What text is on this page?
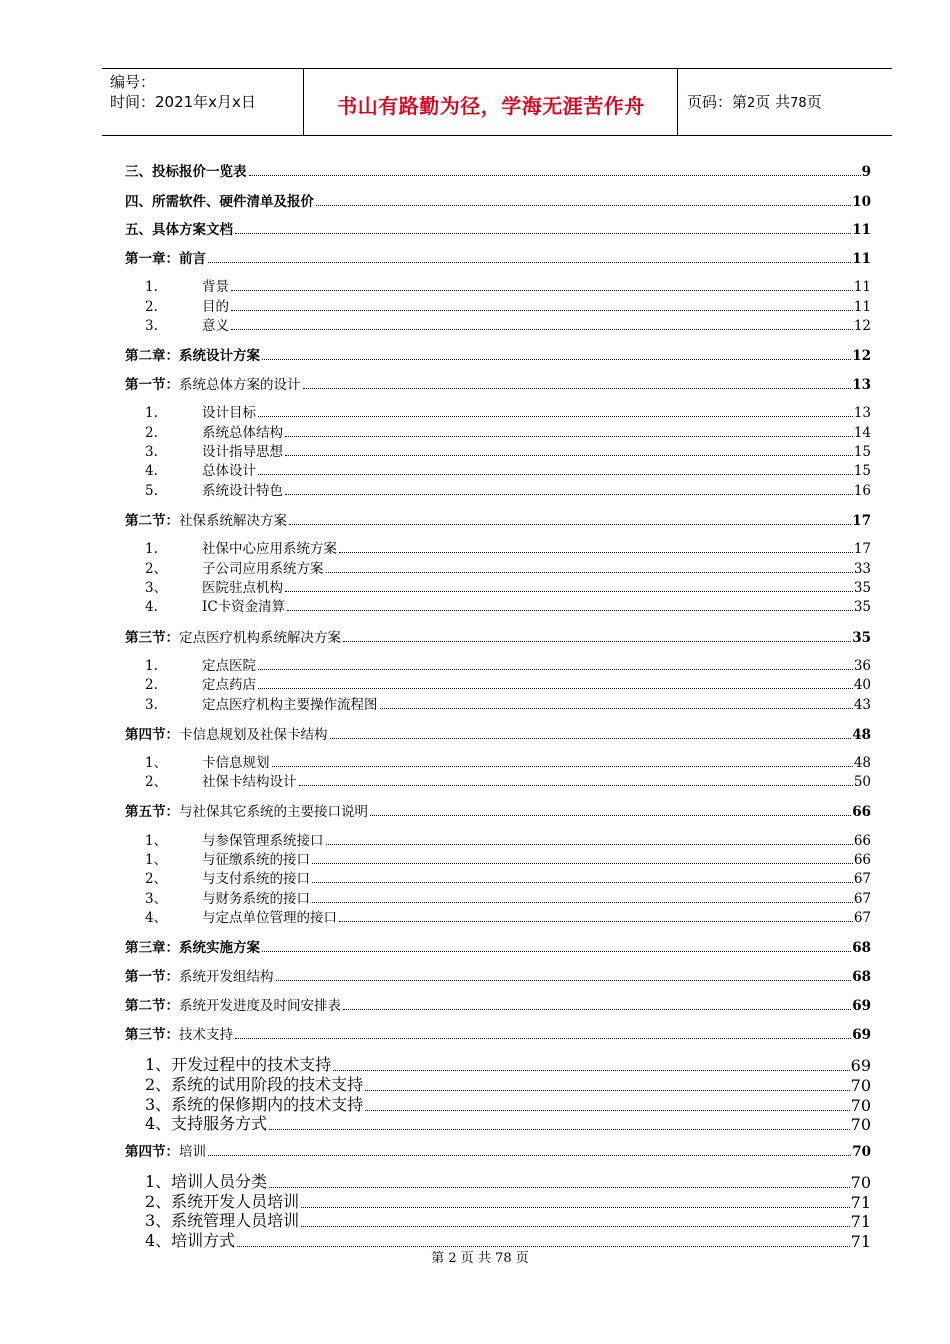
编号：
时间：2021年x月x日	书山有路勤为径，学海无涯苦作舟	页码：第2页 共78页
三、投标报价一览表	9
四、所需软件、硬件清单及报价	10
五、具体方案文档	11
第一章：前言	11
1.	背景	11
2.	目的	11
3.	意义	12
第二章：系统设计方案	12
第一节： 系统总体方案的设计	13
1.	设计目标	13
2.	系统总体结构	14
3.	设计指导思想	15
4.	总体设计	15
5.	系统设计特色	16
第二节： 社保系统解决方案	17
1.	社保中心应用系统方案	17
2、	子公司应用系统方案	33
3、	医院驻点机构	35
4.	IC卡资金清算	35
第三节： 定点医疗机构系统解决方案	35
1.	定点医院	36
2.	定点药店	40
3.	定点医疗机构主要操作流程图	43
第四节： 卡信息规划及社保卡结构	48
1、	卡信息规划	48
2、	社保卡结构设计	50
第五节： 与社保其它系统的主要接口说明	66
1、	与参保管理系统接口	66
1、	与征缴系统的接口	66
2、	与支付系统的接口	67
3、	与财务系统的接口	67
4、	与定点单位管理的接口	67
第三章：系统实施方案	68
第一节： 系统开发组结构	68
第二节： 系统开发进度及时间安排表	69
第三节： 技术支持	69
1、开发过程中的技术支持	69
2、系统的试用阶段的技术支持	70
3、系统的保修期内的技术支持	70
4、支持服务方式	70
第四节： 培训	70
1、培训人员分类	70
2、系统开发人员培训	71
3、系统管理人员培训	71
4、培训方式	71
第 2 页 共 78 页
